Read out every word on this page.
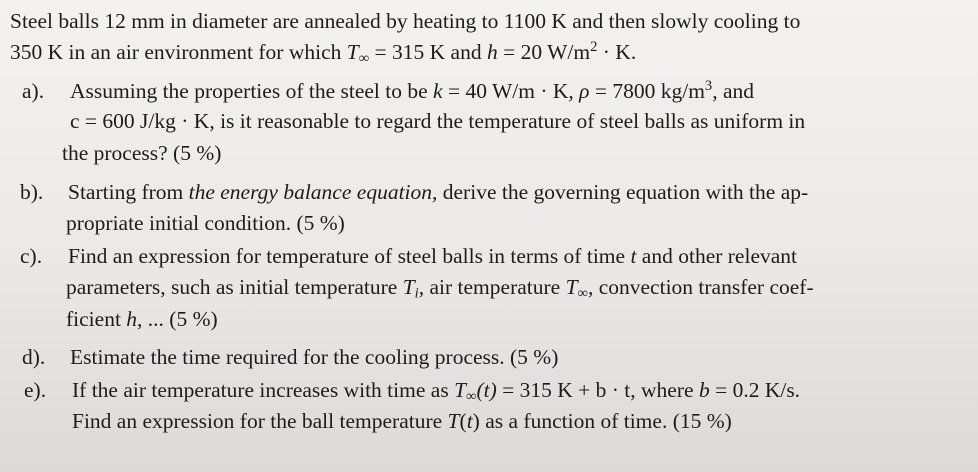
Steel balls 12 mm in diameter are annealed by heating to 1100 K and then slowly cooling to
350 K in an air environment for which $T_\infty = 315$ K and h = 20 $W/m^2 \cdot K$.
a). Assuming the properties of the steel to be k = 40 W/m · K, ρ = 7800 $kg/m^3$, and
c = 600 J/kg · K, is it reasonable to regard the temperature of steel balls as uniform in
the process? (5 %)
b). Starting from the energy balance equation, derive the governing equation with the ap-
propriate initial condition. (5 %)
c). Find an expression for temperature of steel balls in terms of time t and other relevant
parameters, such as initial temperature $T_i$, air temperature $T_\infty$, convection transfer coef-
ficient h, ... (5 %)
d). Estimate the time required for the cooling process. (5 %)
e). If the air temperature increases with time as $T_\infty(t) = 315$ K + b · t, where b = 0.2 K/s.
Find an expression for the ball temperature T(t) as a function of time. (15 %)
